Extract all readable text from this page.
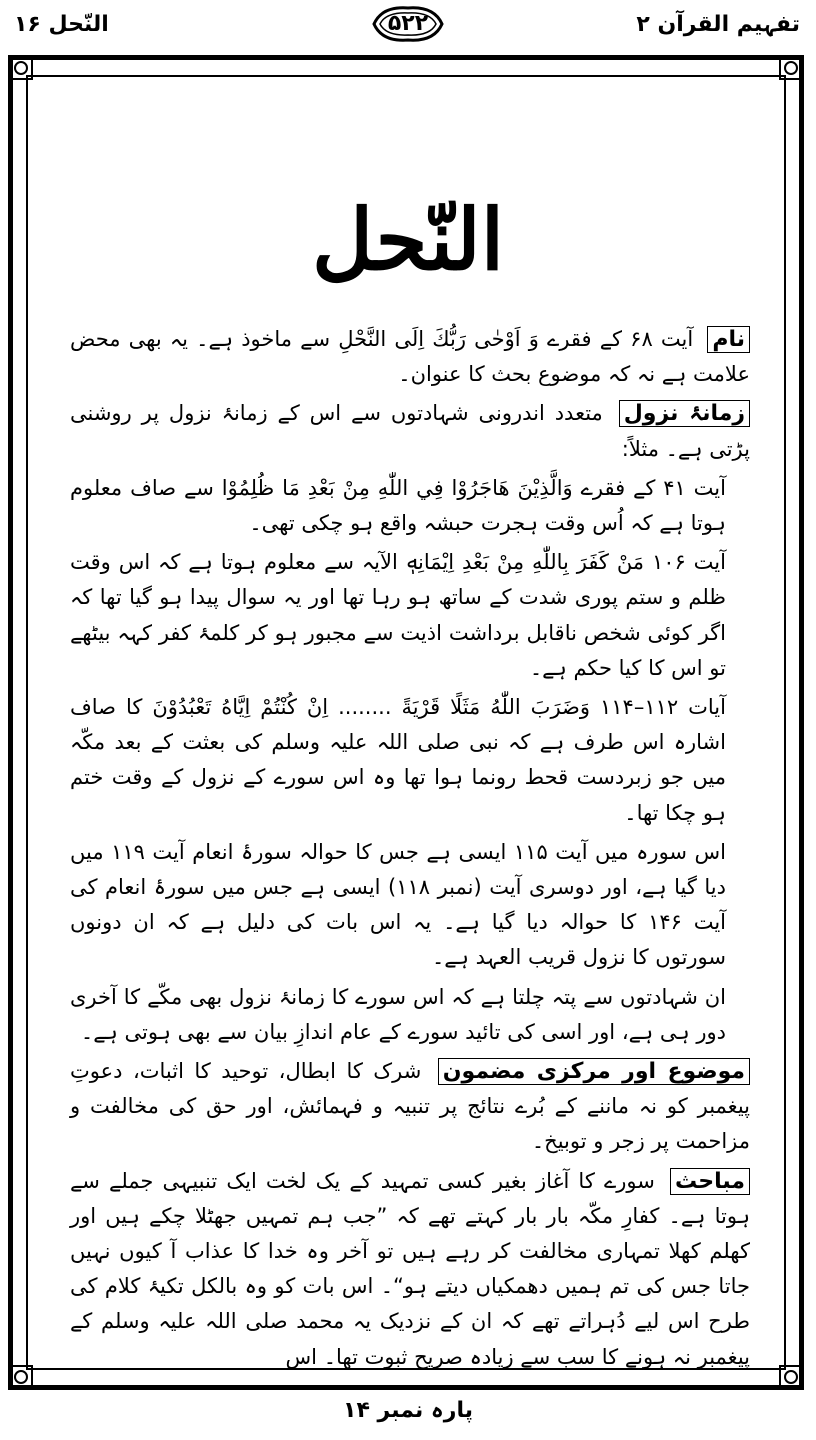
تفہیم القرآن ۲
۵۲۲
النّحل ۱۶
النّحل

نام آیت ۶۸ کے فقرے وَ اَوْحٰی رَبُّكَ اِلَی النَّحْلِ سے ماخوذ ہے۔ یہ بھی محض علامت ہے نہ کہ موضوع بحث کا عنوان۔

زمانۂ نزول متعدد اندرونی شہادتوں سے اس کے زمانۂ نزول پر روشنی پڑتی ہے۔ مثلاً:

آیت ۴۱ کے فقرے وَالَّذِيْنَ هَاجَرُوْا فِي اللّٰهِ مِنْ بَعْدِ مَا ظُلِمُوْا سے صاف معلوم ہوتا ہے کہ اُس وقت ہجرت حبشہ واقع ہو چکی تھی۔

آیت ۱۰۶ مَنْ كَفَرَ بِاللّٰهِ مِنْ بَعْدِ اِيْمَانِهٖ الآیہ سے معلوم ہوتا ہے کہ اس وقت ظلم و ستم پوری شدت کے ساتھ ہو رہا تھا اور یہ سوال پیدا ہو گیا تھا کہ اگر کوئی شخص ناقابل برداشت اذیت سے مجبور ہو کر کلمۂ کفر کہہ بیٹھے تو اس کا کیا حکم ہے۔

آیات ۱۱۲–۱۱۴ وَضَرَبَ اللّٰهُ مَثَلًا قَرْيَةً ........ اِنْ كُنْتُمْ اِيَّاهُ تَعْبُدُوْنَ کا صاف اشارہ اس طرف ہے کہ نبی صلی اللہ علیہ وسلم کی بعثت کے بعد مکّہ میں جو زبردست قحط رونما ہوا تھا وہ اس سورے کے نزول کے وقت ختم ہو چکا تھا۔

اس سورہ میں آیت ۱۱۵ ایسی ہے جس کا حوالہ سورۂ انعام آیت ۱۱۹ میں دیا گیا ہے، اور دوسری آیت (نمبر ۱۱۸) ایسی ہے جس میں سورۂ انعام کی آیت ۱۴۶ کا حوالہ دیا گیا ہے۔ یہ اس بات کی دلیل ہے کہ ان دونوں سورتوں کا نزول قریب العہد ہے۔

ان شہادتوں سے پتہ چلتا ہے کہ اس سورے کا زمانۂ نزول بھی مکّے کا آخری دور ہی ہے، اور اسی کی تائید سورے کے عام اندازِ بیان سے بھی ہوتی ہے۔

موضوع اور مرکزی مضمون شرک کا ابطال، توحید کا اثبات، دعوتِ پیغمبر کو نہ ماننے کے بُرے نتائج پر تنبیہ و فہمائش، اور حق کی مخالفت و مزاحمت پر زجر و توبیخ۔

مباحث سورے کا آغاز بغیر کسی تمہید کے یک لخت ایک تنبیہی جملے سے ہوتا ہے۔ کفارِ مکّہ بار بار کہتے تھے کہ ”جب ہم تمہیں جھٹلا چکے ہیں اور کھلم کھلا تمہاری مخالفت کر رہے ہیں تو آخر وہ خدا کا عذاب آ کیوں نہیں جاتا جس کی تم ہمیں دھمکیاں دیتے ہو“۔ اس بات کو وہ بالکل تکیۂ کلام کی طرح اس لیے دُہراتے تھے کہ ان کے نزدیک یہ محمد صلی اللہ علیہ وسلم کے پیغمبر نہ ہونے کا سب سے زیادہ صریح ثبوت تھا۔ اس

پارہ نمبر ۱۴
